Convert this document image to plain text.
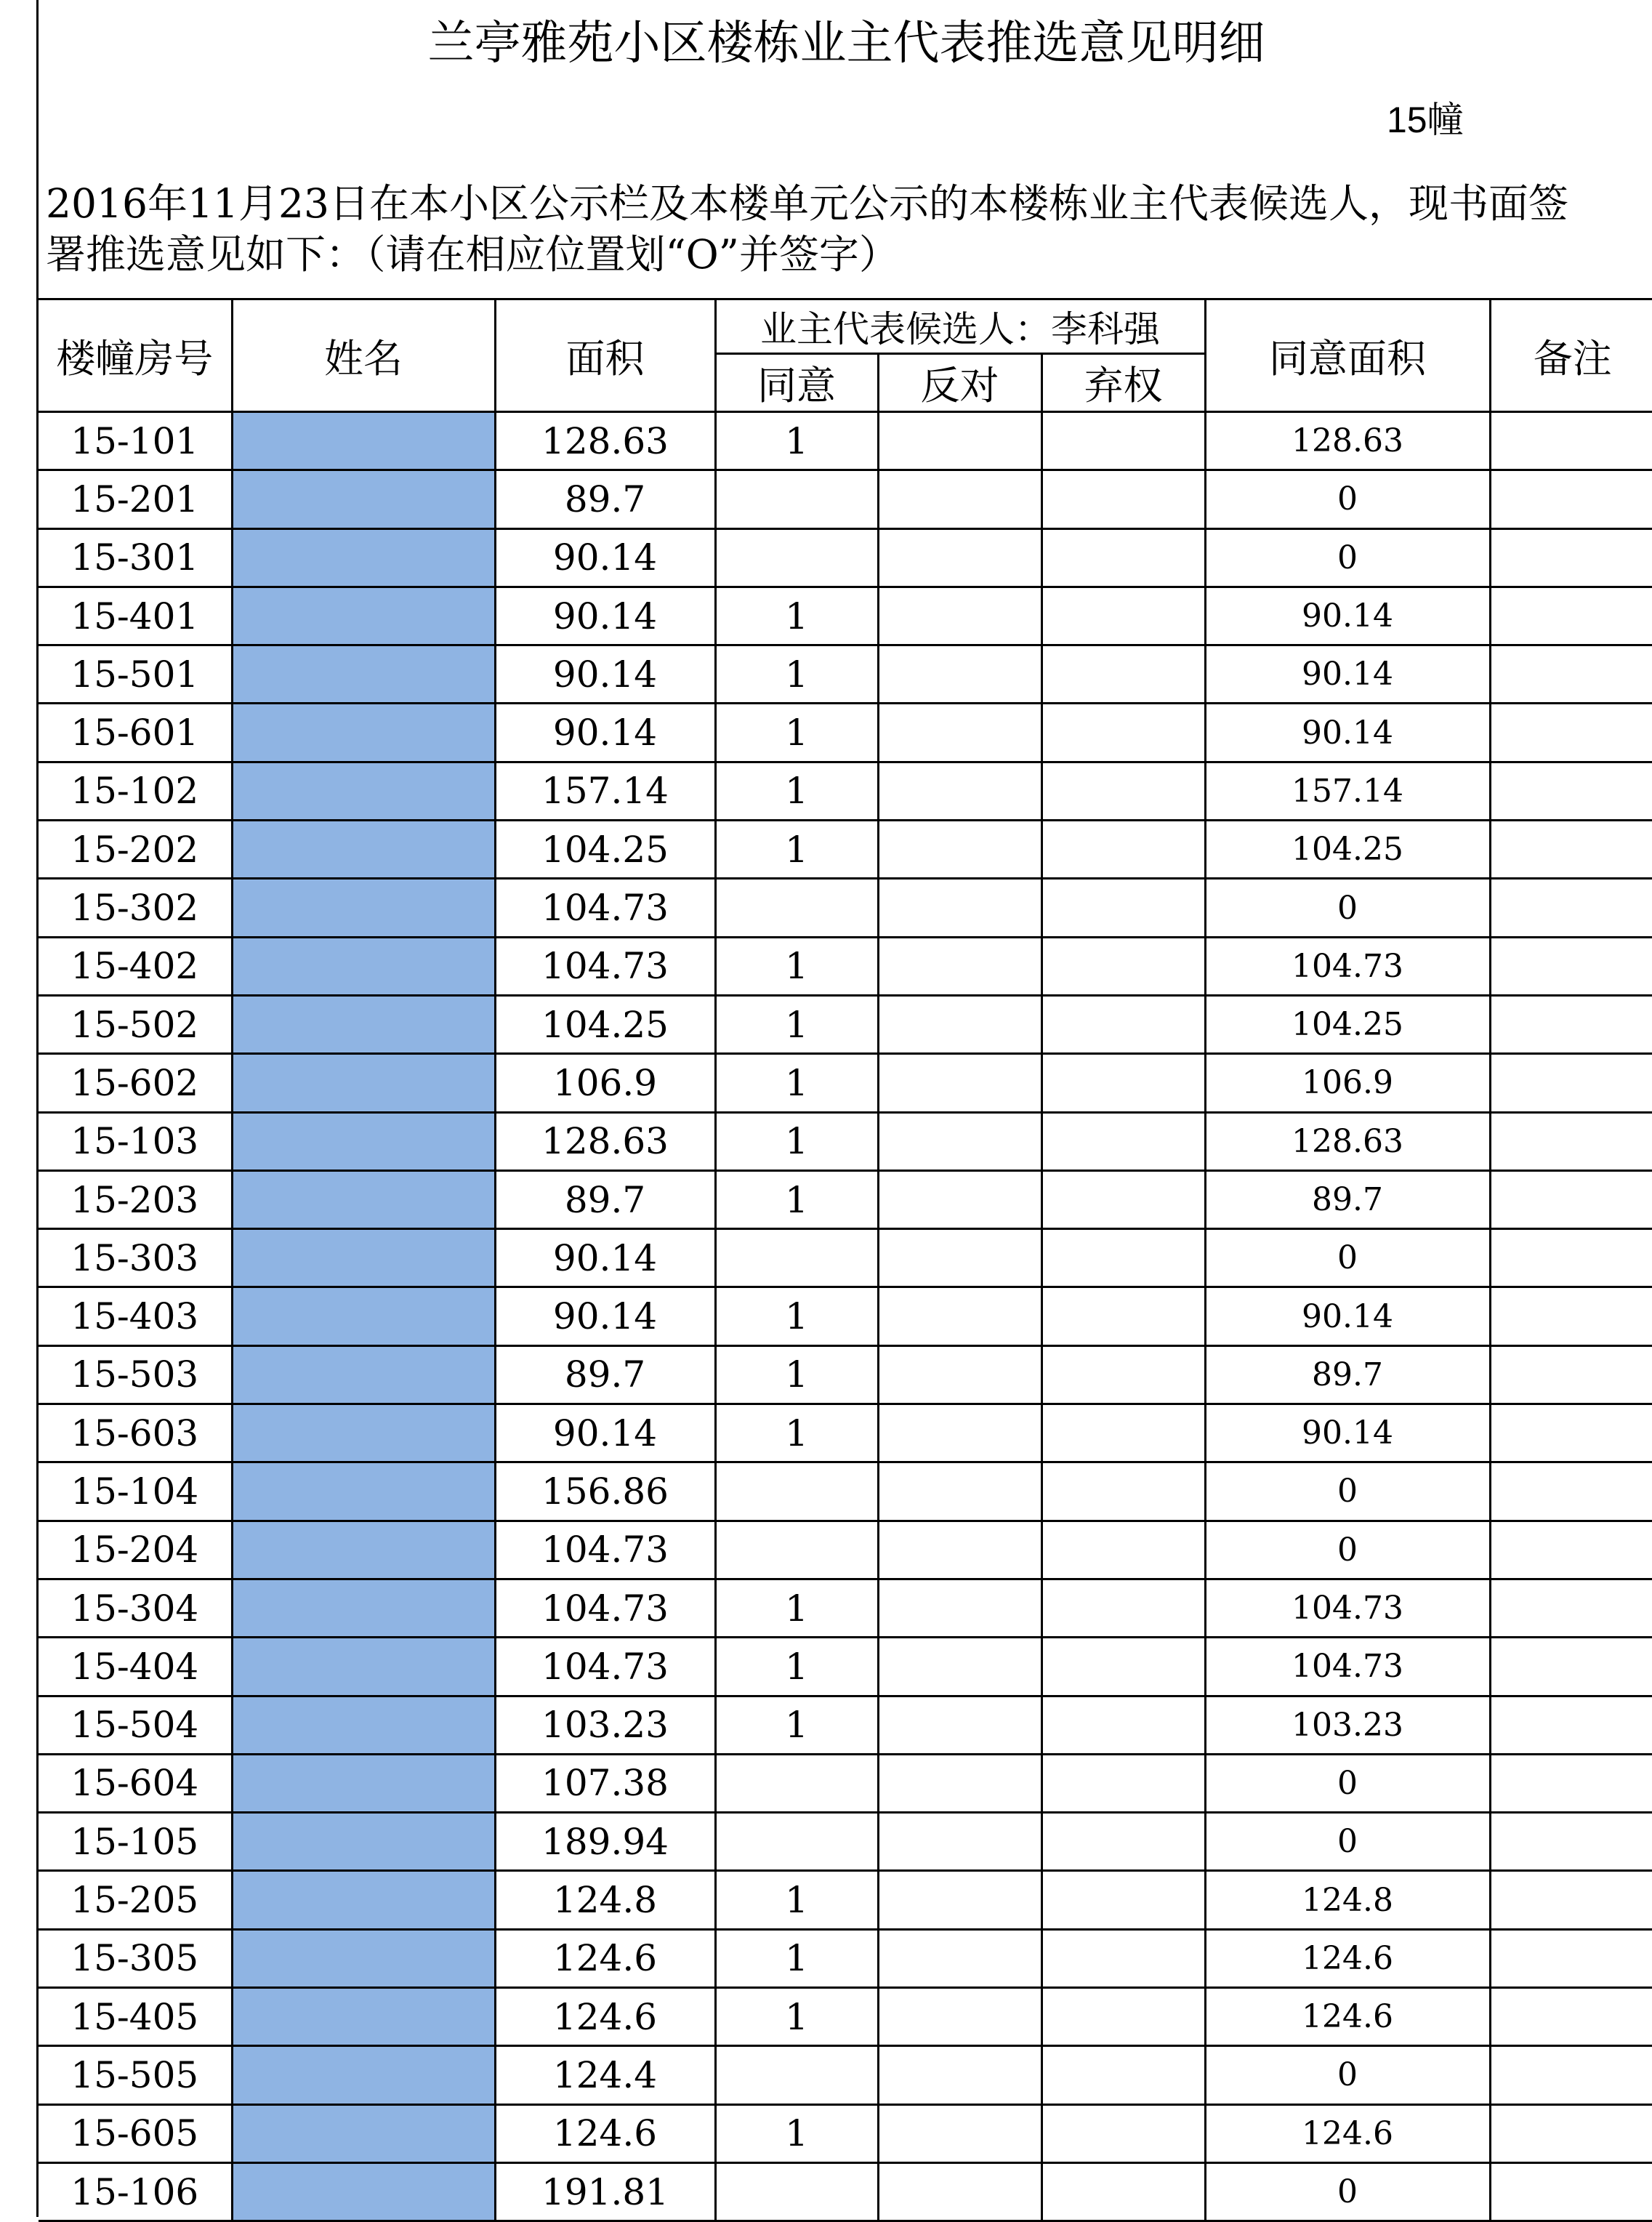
兰亭雅苑小区楼栋业主代表推选意见明细
15幢
2016年11月23日在本小区公示栏及本楼单元公示的本楼栋业主代表候选人，现书面签
署推选意见如下：（请在相应位置划“O”并签字）
楼幢房号	姓名	面积	业主代表候选人：李科强			同意面积	备注
			同意	反对	弃权		
15-101		128.63	1			128.63	
15-201		89.7				0	
15-301		90.14				0	
15-401		90.14	1			90.14	
15-501		90.14	1			90.14	
15-601		90.14	1			90.14	
15-102		157.14	1			157.14	
15-202		104.25	1			104.25	
15-302		104.73				0	
15-402		104.73	1			104.73	
15-502		104.25	1			104.25	
15-602		106.9	1			106.9	
15-103		128.63	1			128.63	
15-203		89.7	1			89.7	
15-303		90.14				0	
15-403		90.14	1			90.14	
15-503		89.7	1			89.7	
15-603		90.14	1			90.14	
15-104		156.86				0	
15-204		104.73				0	
15-304		104.73	1			104.73	
15-404		104.73	1			104.73	
15-504		103.23	1			103.23	
15-604		107.38				0	
15-105		189.94				0	
15-205		124.8	1			124.8	
15-305		124.6	1			124.6	
15-405		124.6	1			124.6	
15-505		124.4				0	
15-605		124.6	1			124.6	
15-106		191.81				0	
